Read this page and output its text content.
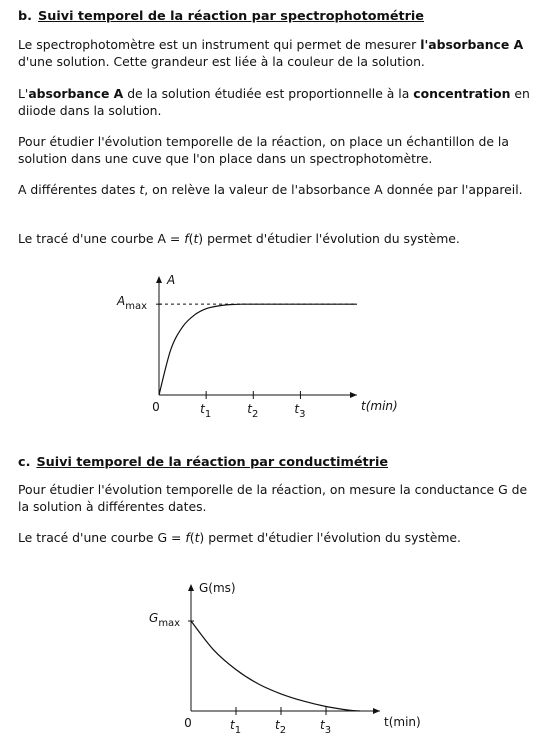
b. Suivi temporel de la réaction par spectrophotométrie
Le spectrophotomètre est un instrument qui permet de mesurer l'absorbance A d'une solution. Cette grandeur est liée à la couleur de la solution.
L'absorbance A de la solution étudiée est proportionnelle à la concentration en diiode dans la solution.
Pour étudier l'évolution temporelle de la réaction, on place un échantillon de la solution dans une cuve que l'on place dans un spectrophotomètre.
A différentes dates t, on relève la valeur de l'absorbance A donnée par l'appareil.
Le tracé d'une courbe A = f(t) permet d'étudier l'évolution du système.
A
0	t(min)
$t_1$	$t_2$	$t_3$
$A_{max}$
c. Suivi temporel de la réaction par conductimétrie
Pour étudier l'évolution temporelle de la réaction, on mesure la conductance G de la solution à différentes dates.
Le tracé d'une courbe G = f(t) permet d'étudier l'évolution du système.
G(ms)
0	t(min)
$t_1$	$t_2$	$t_3$
$G_{max}$
